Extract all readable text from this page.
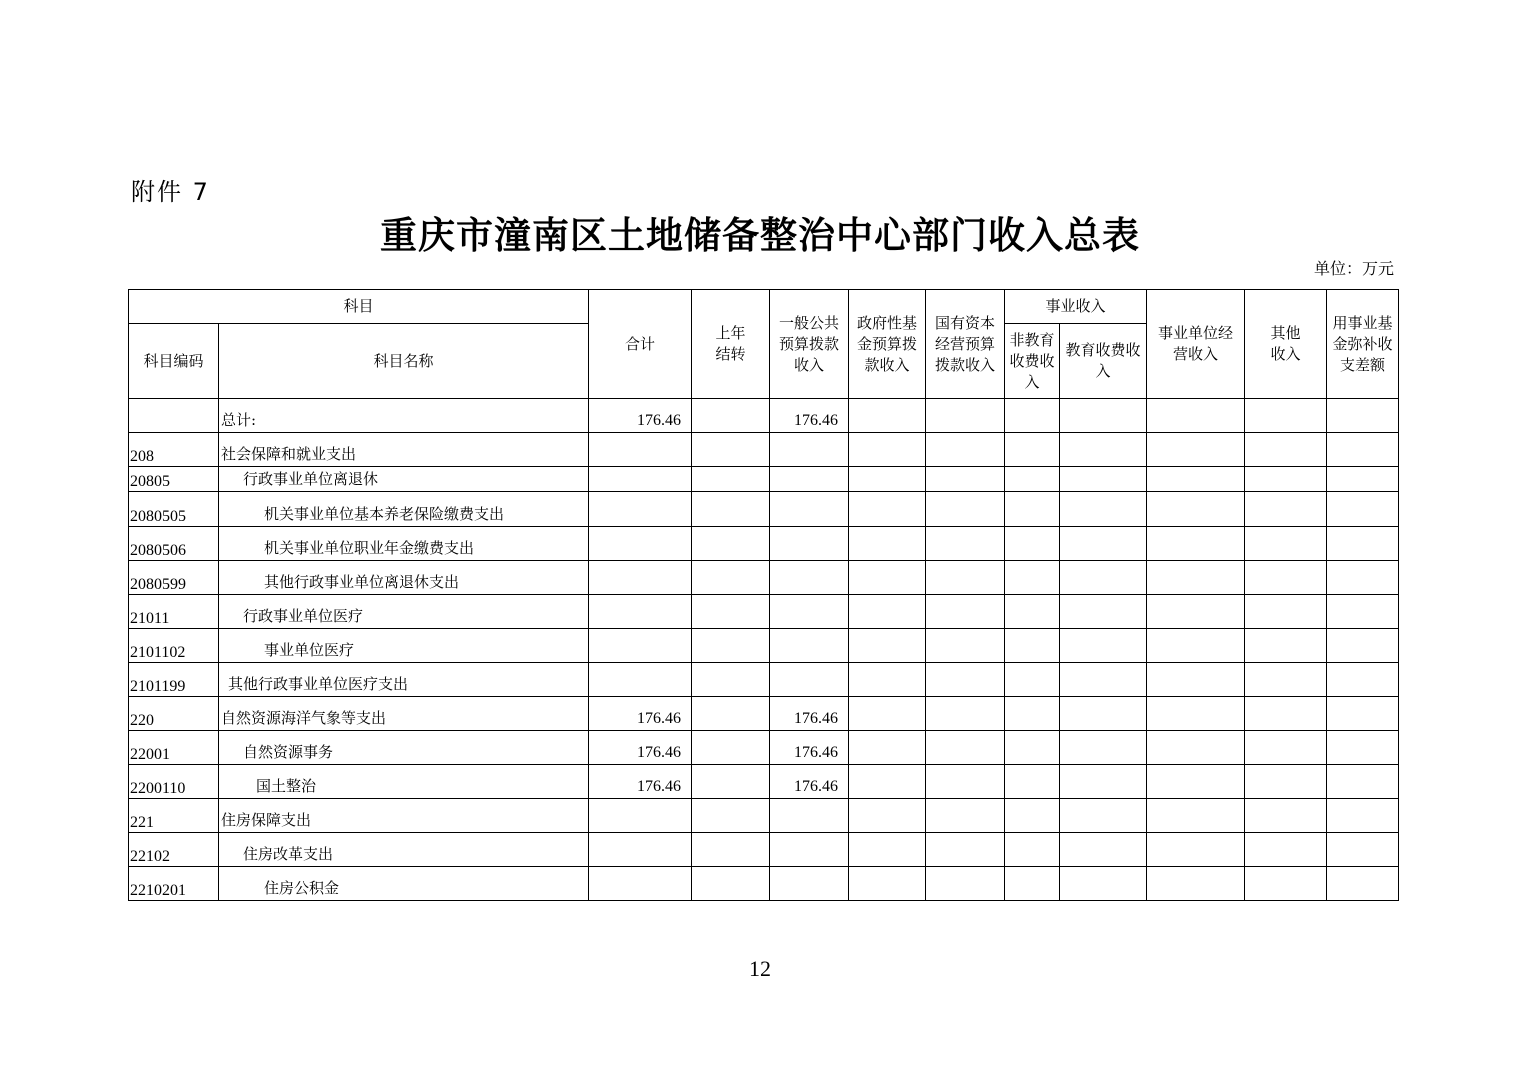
附件 7
重庆市潼南区土地储备整治中心部门收入总表
单位：万元
科目		合计	上年结转	一般公共预算拨款收入	政府性基金预算拨款收入	国有资本经营预算拨款收入	事业收入		事业单位经营收入	其他收入	用事业基金弥补收支差额

科目编码	科目名称						非教育收费收入	教育收费收入			

	总计:	176.46		176.46							
208	社会保障和就业支出										
20805	行政事业单位离退休										
2080505	机关事业单位基本养老保险缴费支出										
2080506	机关事业单位职业年金缴费支出										
2080599	其他行政事业单位离退休支出										
21011	行政事业单位医疗										
2101102	事业单位医疗										
2101199	其他行政事业单位医疗支出										
220	自然资源海洋气象等支出	176.46		176.46							
22001	自然资源事务	176.46		176.46							
2200110	国土整治	176.46		176.46							
221	住房保障支出										
22102	住房改革支出										
2210201	住房公积金										
12
